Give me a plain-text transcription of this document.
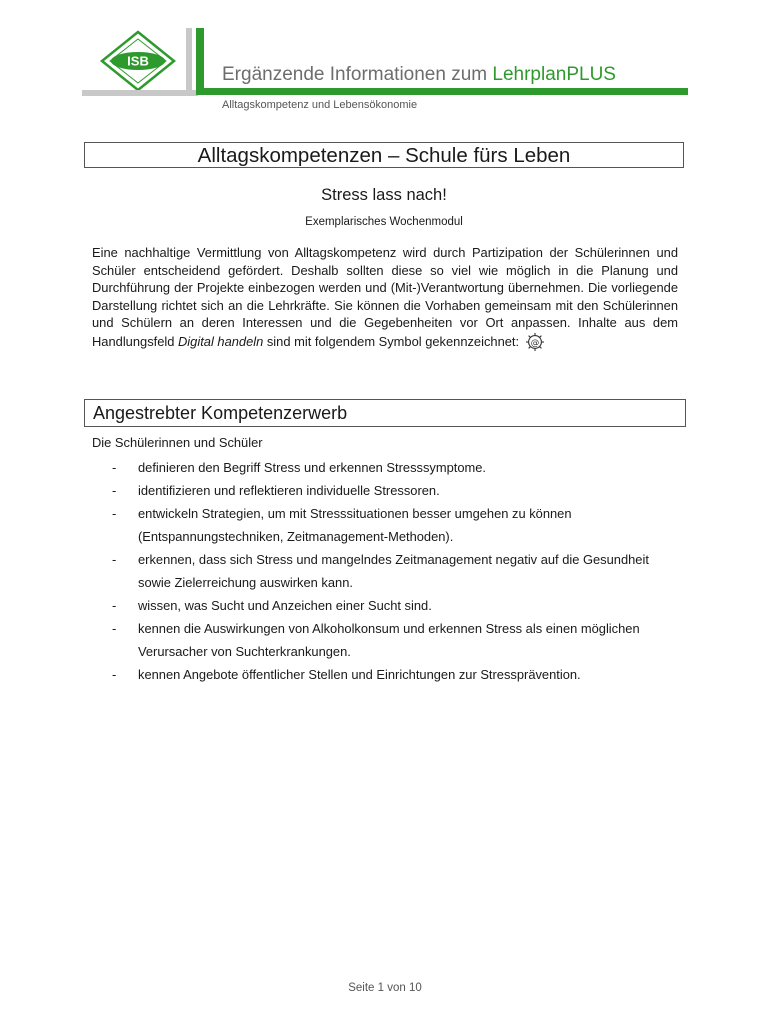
ISB
Ergänzende Informationen zum LehrplanPLUS
Alltagskompetenz und Lebensökonomie
Alltagskompetenzen – Schule fürs Leben
Stress lass nach!
Exemplarisches Wochenmodul

Eine nachhaltige Vermittlung von Alltagskompetenz wird durch Partizipation der Schülerinnen und Schüler entscheidend gefördert. Deshalb sollten diese so viel wie möglich in die Planung und Durchführung der Projekte einbezogen werden und (Mit-)Verantwortung übernehmen. Die vorliegende Darstellung richtet sich an die Lehrkräfte. Sie können die Vorhaben gemeinsam mit den Schülerinnen und Schülern an deren Interessen und die Gegebenheiten vor Ort anpassen. Inhalte aus dem Handlungsfeld Digital handeln sind mit folgendem Symbol gekennzeichnet: @

Angestrebter Kompetenzerwerb
Die Schülerinnen und Schüler
- definieren den Begriff Stress und erkennen Stresssymptome.
- identifizieren und reflektieren individuelle Stressoren.
- entwickeln Strategien, um mit Stresssituationen besser umgehen zu können (Entspannungstechniken, Zeitmanagement-Methoden).
- erkennen, dass sich Stress und mangelndes Zeitmanagement negativ auf die Gesundheit sowie Zielerreichung auswirken kann.
- wissen, was Sucht und Anzeichen einer Sucht sind.
- kennen die Auswirkungen von Alkoholkonsum und erkennen Stress als einen möglichen Verursacher von Suchterkrankungen.
- kennen Angebote öffentlicher Stellen und Einrichtungen zur Stressprävention.
Seite 1 von 10
